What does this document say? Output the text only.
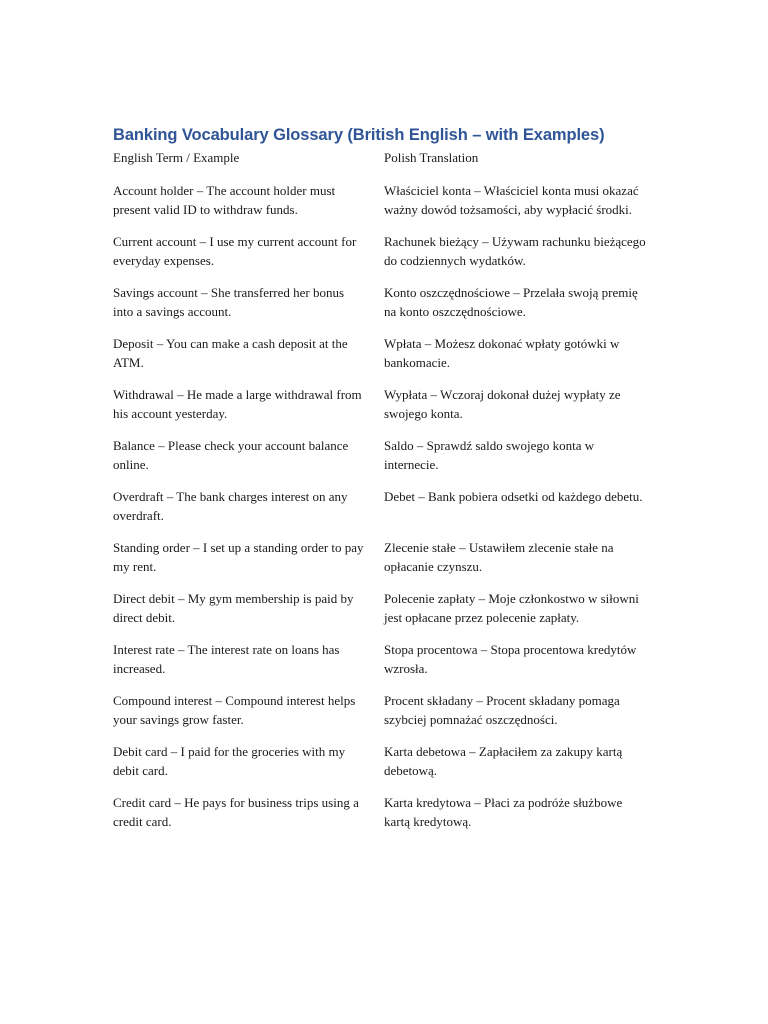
Banking Vocabulary Glossary (British English – with Examples)
English Term / Example	Polish Translation
Account holder – The account holder must present valid ID to withdraw funds.
Właściciel konta – Właściciel konta musi okazać ważny dowód tożsamości, aby wypłacić środki.
Current account – I use my current account for everyday expenses.
Rachunek bieżący – Używam rachunku bieżącego do codziennych wydatków.
Savings account – She transferred her bonus into a savings account.
Konto oszczędnościowe – Przelała swoją premię na konto oszczędnościowe.
Deposit – You can make a cash deposit at the ATM.
Wpłata – Możesz dokonać wpłaty gotówki w bankomacie.
Withdrawal – He made a large withdrawal from his account yesterday.
Wypłata – Wczoraj dokonał dużej wypłaty ze swojego konta.
Balance – Please check your account balance online.
Saldo – Sprawdź saldo swojego konta w internecie.
Overdraft – The bank charges interest on any overdraft.
Debet – Bank pobiera odsetki od każdego debetu.
Standing order – I set up a standing order to pay my rent.
Zlecenie stałe – Ustawiłem zlecenie stałe na opłacanie czynszu.
Direct debit – My gym membership is paid by direct debit.
Polecenie zapłaty – Moje członkostwo w siłowni jest opłacane przez polecenie zapłaty.
Interest rate – The interest rate on loans has increased.
Stopa procentowa – Stopa procentowa kredytów wzrosła.
Compound interest – Compound interest helps your savings grow faster.
Procent składany – Procent składany pomaga szybciej pomnażać oszczędności.
Debit card – I paid for the groceries with my debit card.
Karta debetowa – Zapłaciłem za zakupy kartą debetową.
Credit card – He pays for business trips using a credit card.
Karta kredytowa – Płaci za podróże służbowe kartą kredytową.
